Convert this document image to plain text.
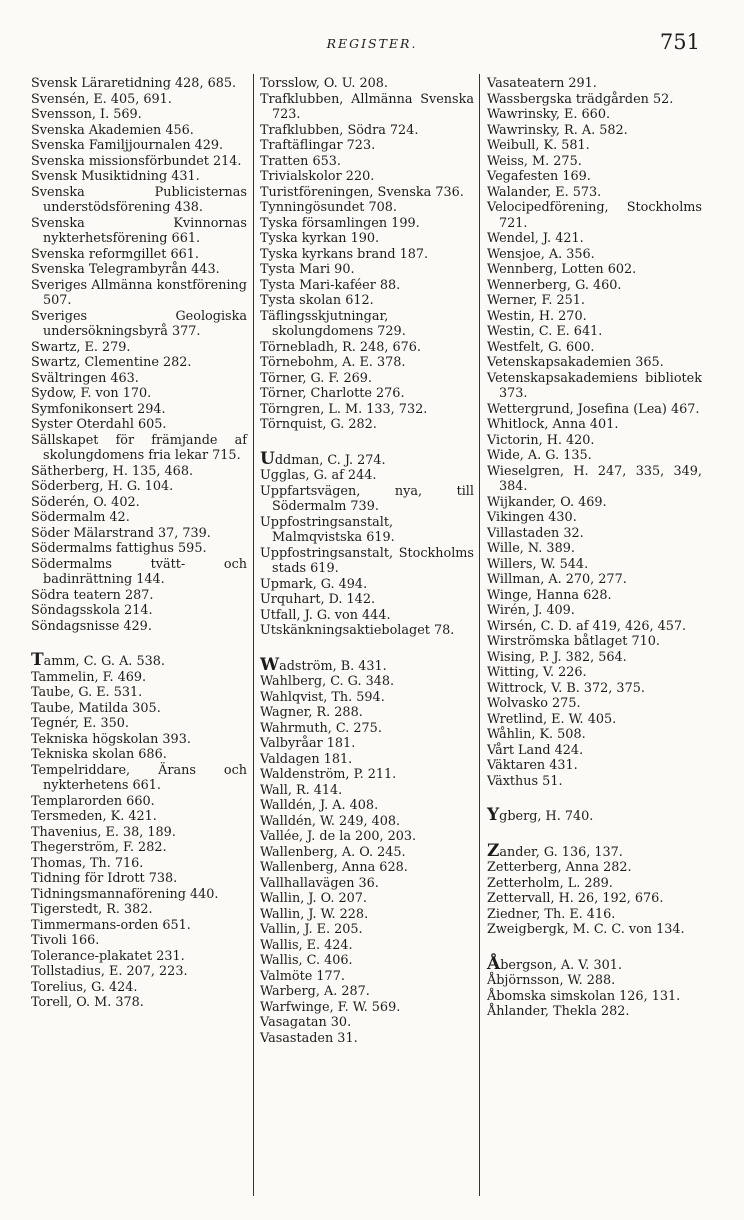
REGISTER.	751
Svensk Läraretidning 428, 685.
Svensén, E. 405, 691.
Svensson, I. 569.
Svenska Akademien 456.
Svenska Familjjournalen 429.
Svenska missionsförbundet 214.
Svensk Musiktidning 431.
Svenska Publicisternas understödsförening 438.
Svenska Kvinnornas nykterhetsförening 661.
Svenska reformgillet 661.
Svenska Telegrambyrån 443.
Sveriges Allmänna konstförening 507.
Sveriges Geologiska undersökningsbyrå 377.
Swartz, E. 279.
Swartz, Clementine 282.
Svältringen 463.
Sydow, F. von 170.
Symfonikonsert 294.
Syster Oterdahl 605.
Sällskapet för främjande af skolungdomens fria lekar 715.
Sätherberg, H. 135, 468.
Söderberg, H. G. 104.
Söderén, O. 402.
Södermalm 42.
Söder Mälarstrand 37, 739.
Södermalms fattighus 595.
Södermalms tvätt- och badinrättning 144.
Södra teatern 287.
Söndagsskola 214.
Söndagsnisse 429.
Tamm, C. G. A. 538.
Tammelin, F. 469.
Taube, G. E. 531.
Taube, Matilda 305.
Tegnér, E. 350.
Tekniska högskolan 393.
Tekniska skolan 686.
Tempelriddare, Ärans och nykterhetens 661.
Templarorden 660.
Tersmeden, K. 421.
Thavenius, E. 38, 189.
Thegerström, F. 282.
Thomas, Th. 716.
Tidning för Idrott 738.
Tidningsmannaförening 440.
Tigerstedt, R. 382.
Timmermans-orden 651.
Tivoli 166.
Tolerance-plakatet 231.
Tollstadius, E. 207, 223.
Torelius, G. 424.
Torell, O. M. 378.
Torsslow, O. U. 208.
Trafklubben, Allmänna Svenska 723.
Trafklubben, Södra 724.
Traftäflingar 723.
Tratten 653.
Trivialskolor 220.
Turistföreningen, Svenska 736.
Tynningösundet 708.
Tyska församlingen 199.
Tyska kyrkan 190.
Tyska kyrkans brand 187.
Tysta Mari 90.
Tysta Mari-kaféer 88.
Tysta skolan 612.
Täflingsskjutningar, skolungdomens 729.
Törnebladh, R. 248, 676.
Törnebohm, A. E. 378.
Törner, G. F. 269.
Törner, Charlotte 276.
Törngren, L. M. 133, 732.
Törnquist, G. 282.
Uddman, C. J. 274.
Ugglas, G. af 244.
Uppfartsvägen, nya, till Södermalm 739.
Uppfostringsanstalt, Malmqvistska 619.
Uppfostringsanstalt, Stockholms stads 619.
Upmark, G. 494.
Urquhart, D. 142.
Utfall, J. G. von 444.
Utskänkningsaktiebolaget 78.
Wadström, B. 431.
Wahlberg, C. G. 348.
Wahlqvist, Th. 594.
Wagner, R. 288.
Wahrmuth, C. 275.
Valbyråar 181.
Valdagen 181.
Waldenström, P. 211.
Wall, R. 414.
Walldén, J. A. 408.
Walldén, W. 249, 408.
Vallée, J. de la 200, 203.
Wallenberg, A. O. 245.
Wallenberg, Anna 628.
Vallhallavägen 36.
Wallin, J. O. 207.
Wallin, J. W. 228.
Vallin, J. E. 205.
Wallis, E. 424.
Wallis, C. 406.
Valmöte 177.
Warberg, A. 287.
Warfwinge, F. W. 569.
Vasagatan 30.
Vasastaden 31.
Vasateatern 291.
Wassbergska trädgården 52.
Wawrinsky, E. 660.
Wawrinsky, R. A. 582.
Weibull, K. 581.
Weiss, M. 275.
Vegafesten 169.
Walander, E. 573.
Velocipedförening, Stockholms 721.
Wendel, J. 421.
Wensjoe, A. 356.
Wennberg, Lotten 602.
Wennerberg, G. 460.
Werner, F. 251.
Westin, H. 270.
Westin, C. E. 641.
Westfelt, G. 600.
Vetenskapsakademien 365.
Vetenskapsakademiens bibliotek 373.
Wettergrund, Josefina (Lea) 467.
Whitlock, Anna 401.
Victorin, H. 420.
Wide, A. G. 135.
Wieselgren, H. 247, 335, 349, 384.
Wijkander, O. 469.
Vikingen 430.
Villastaden 32.
Wille, N. 389.
Willers, W. 544.
Willman, A. 270, 277.
Winge, Hanna 628.
Wirén, J. 409.
Wirsén, C. D. af 419, 426, 457.
Wirströmska båtlaget 710.
Wising, P. J. 382, 564.
Witting, V. 226.
Wittrock, V. B. 372, 375.
Wolvasko 275.
Wretlind, E. W. 405.
Wåhlin, K. 508.
Vårt Land 424.
Väktaren 431.
Växthus 51.
Ygberg, H. 740.
Zander, G. 136, 137.
Zetterberg, Anna 282.
Zetterholm, L. 289.
Zettervall, H. 26, 192, 676.
Ziedner, Th. E. 416.
Zweigbergk, M. C. C. von 134.
Åbergson, A. V. 301.
Åbjörnsson, W. 288.
Åbomska simskolan 126, 131.
Åhlander, Thekla 282.
